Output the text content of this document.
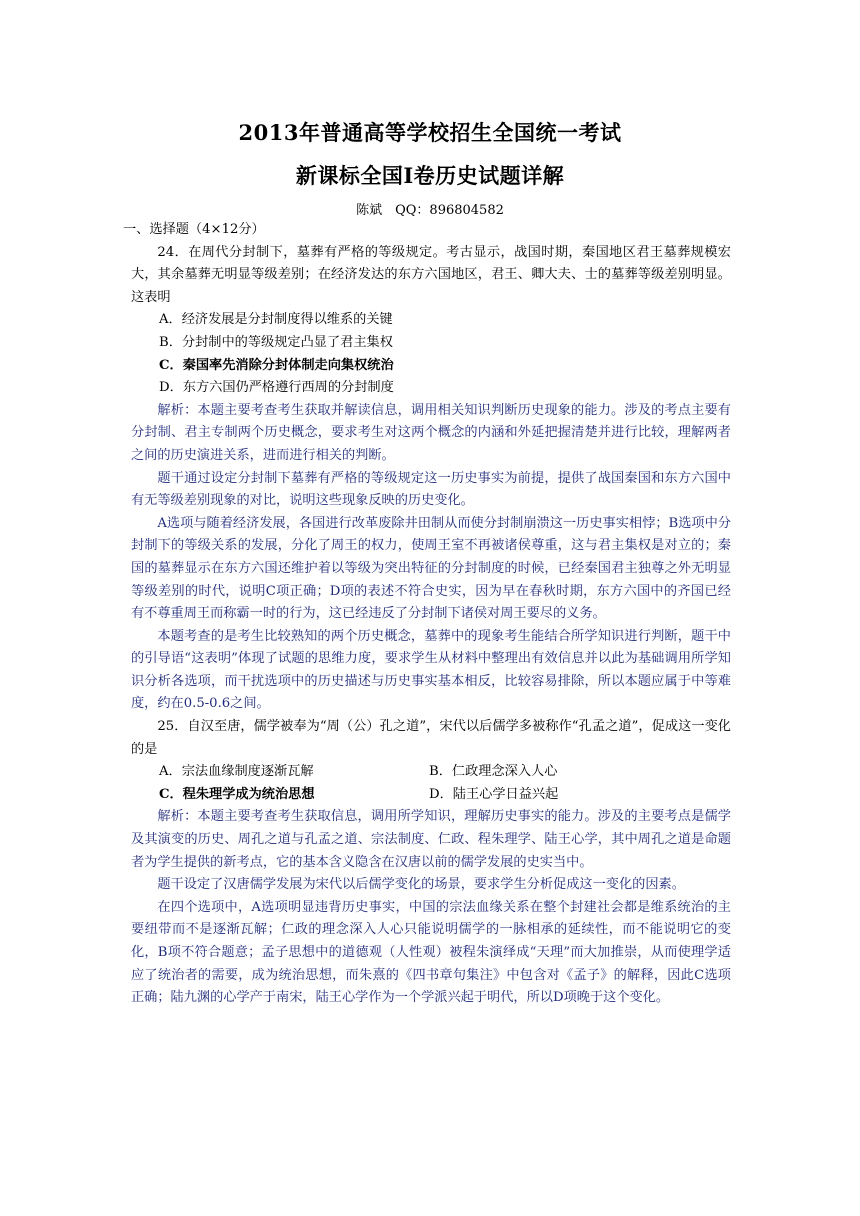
2013年普通高等学校招生全国统一考试
新课标全国Ⅰ卷历史试题详解
陈斌　QQ：896804582

一、选择题（4×12分）

24．在周代分封制下，墓葬有严格的等级规定。考古显示，战国时期，秦国地区君王墓葬规模宏大，其余墓葬无明显等级差别；在经济发达的东方六国地区，君王、卿大夫、士的墓葬等级差别明显。这表明

A．经济发展是分封制度得以维系的关键

B．分封制中的等级规定凸显了君主集权

C．秦国率先消除分封体制走向集权统治

D．东方六国仍严格遵行西周的分封制度

解析：本题主要考查考生获取并解读信息，调用相关知识判断历史现象的能力。涉及的考点主要有分封制、君主专制两个历史概念，要求考生对这两个概念的内涵和外延把握清楚并进行比较，理解两者之间的历史演进关系，进而进行相关的判断。

题干通过设定分封制下墓葬有严格的等级规定这一历史事实为前提，提供了战国秦国和东方六国中有无等级差别现象的对比，说明这些现象反映的历史变化。

A选项与随着经济发展，各国进行改革废除井田制从而使分封制崩溃这一历史事实相悖；B选项中分封制下的等级关系的发展，分化了周王的权力，使周王室不再被诸侯尊重，这与君主集权是对立的；秦国的墓葬显示在东方六国还维护着以等级为突出特征的分封制度的时候，已经秦国君主独尊之外无明显等级差别的时代，说明C项正确；D项的表述不符合史实，因为早在春秋时期，东方六国中的齐国已经有不尊重周王而称霸一时的行为，这已经违反了分封制下诸侯对周王要尽的义务。

本题考查的是考生比较熟知的两个历史概念，墓葬中的现象考生能结合所学知识进行判断，题干中的引导语“这表明”体现了试题的思维力度，要求学生从材料中整理出有效信息并以此为基础调用所学知识分析各选项，而干扰选项中的历史描述与历史事实基本相反，比较容易排除，所以本题应属于中等难度，约在0.5-0.6之间。

25．自汉至唐，儒学被奉为“周（公）孔之道”，宋代以后儒学多被称作“孔孟之道”，促成这一变化的是

A．宗法血缘制度逐渐瓦解	B．仁政理念深入人心
C．程朱理学成为统治思想	D．陆王心学日益兴起

解析：本题主要考查考生获取信息，调用所学知识，理解历史事实的能力。涉及的主要考点是儒学及其演变的历史、周孔之道与孔孟之道、宗法制度、仁政、程朱理学、陆王心学，其中周孔之道是命题者为学生提供的新考点，它的基本含义隐含在汉唐以前的儒学发展的史实当中。

题干设定了汉唐儒学发展为宋代以后儒学变化的场景，要求学生分析促成这一变化的因素。

在四个选项中，A选项明显违背历史事实，中国的宗法血缘关系在整个封建社会都是维系统治的主要纽带而不是逐渐瓦解；仁政的理念深入人心只能说明儒学的一脉相承的延续性，而不能说明它的变化，B项不符合题意；孟子思想中的道德观（人性观）被程朱演绎成“天理”而大加推崇，从而使理学适应了统治者的需要，成为统治思想，而朱熹的《四书章句集注》中包含对《孟子》的解释，因此C选项正确；陆九渊的心学产于南宋，陆王心学作为一个学派兴起于明代，所以D项晚于这个变化。
